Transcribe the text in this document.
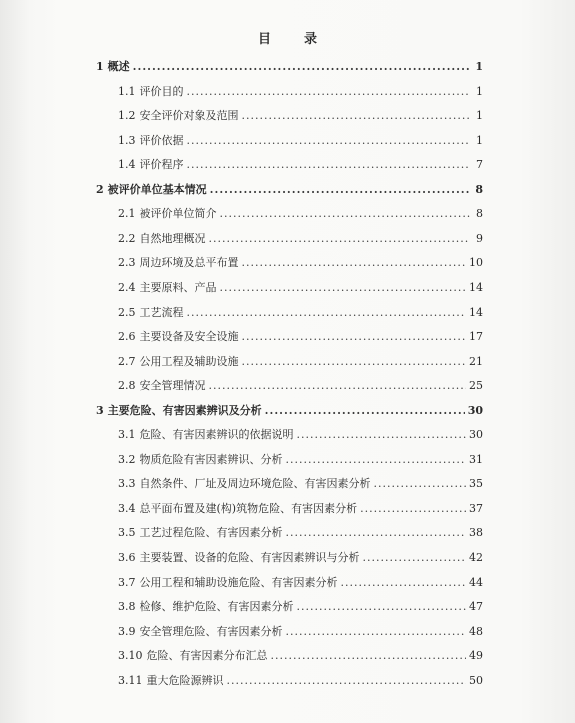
目　录
1 概述 .....	1
1.1 评价目的 .....	1
1.2 安全评价对象及范围 .....	1
1.3 评价依据 .....	1
1.4 评价程序 .....	7
2 被评价单位基本情况 .....	8
2.1 被评价单位简介 .....	8
2.2 自然地理概况 .....	9
2.3 周边环境及总平布置 .....	10
2.4 主要原料、产品 .....	14
2.5 工艺流程 .....	14
2.6 主要设备及安全设施 .....	17
2.7 公用工程及辅助设施 .....	21
2.8 安全管理情况 .....	25
3 主要危险、有害因素辨识及分析 .....	30
3.1 危险、有害因素辨识的依据说明 .....	30
3.2 物质危险有害因素辨识、分析 .....	31
3.3 自然条件、厂址及周边环境危险、有害因素分析 .....	35
3.4 总平面布置及建(构)筑物危险、有害因素分析 .....	37
3.5 工艺过程危险、有害因素分析 .....	38
3.6 主要装置、设备的危险、有害因素辨识与分析 .....	42
3.7 公用工程和辅助设施危险、有害因素分析 .....	44
3.8 检修、维护危险、有害因素分析 .....	47
3.9 安全管理危险、有害因素分析 .....	48
3.10 危险、有害因素分布汇总 .....	49
3.11 重大危险源辨识 .....	50
